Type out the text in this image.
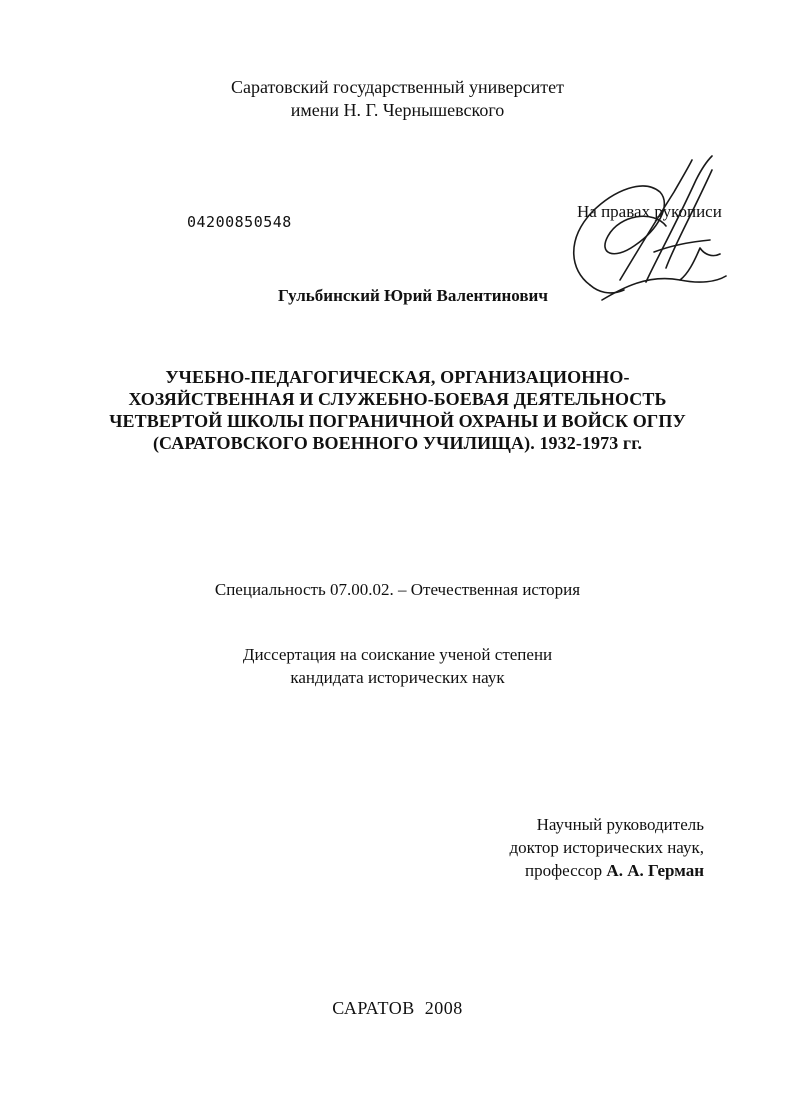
Саратовский государственный университет
имени Н. Г. Чернышевского
04200850548
На правах рукописи
Гульбинский Юрий Валентинович
УЧЕБНО-ПЕДАГОГИЧЕСКАЯ, ОРГАНИЗАЦИОННО-
ХОЗЯЙСТВЕННАЯ И СЛУЖЕБНО-БОЕВАЯ ДЕЯТЕЛЬНОСТЬ
ЧЕТВЕРТОЙ ШКОЛЫ ПОГРАНИЧНОЙ ОХРАНЫ И ВОЙСК ОГПУ
(САРАТОВСКОГО ВОЕННОГО УЧИЛИЩА). 1932-1973 гг.
Специальность 07.00.02. – Отечественная история
Диссертация на соискание ученой степени
кандидата исторических наук
Научный руководитель
доктор исторических наук,
профессор А. А. Герман
САРАТОВ  2008
